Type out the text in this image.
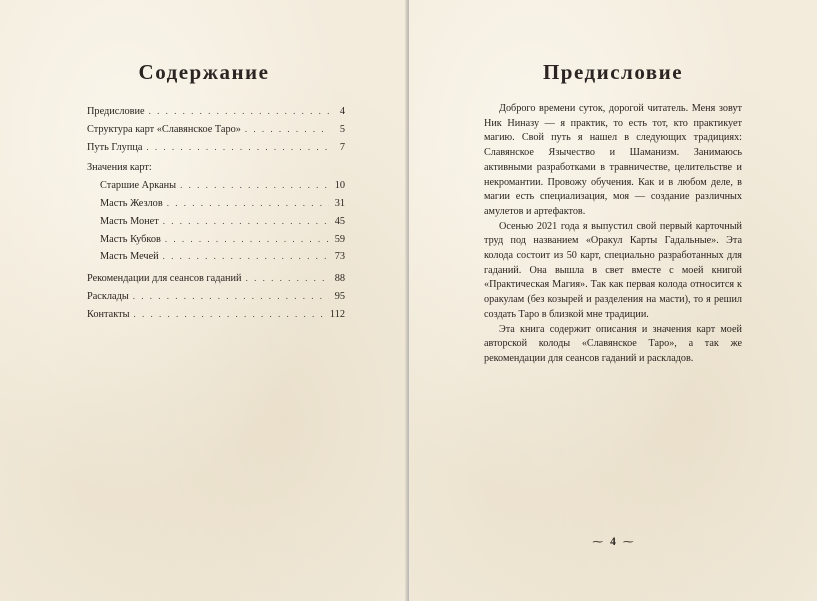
Содержание
Предисловие . . .	4
Структура карт «Славянское Таро» . . .	5
Путь Глупца . . .	7
Значения карт:
Старшие Арканы . . .	10
Масть Жезлов . . .	31
Масть Монет . . .	45
Масть Кубков . . .	59
Масть Мечей . . .	73
Рекомендации для сеансов гаданий . . .	88
Расклады . . .	95
Контакты . . .	112
Предисловие

Доброго времени суток, дорогой читатель. Меня зовут Ник Ниназу — я практик, то есть тот, кто практикует магию. Свой путь я нашел в следующих традициях: Славянское Язычество и Шаманизм. Занимаюсь активными разработками в травничестве, целительстве и некромантии. Провожу обучения. Как и в любом деле, в магии есть специализация, моя — создание различных амулетов и артефактов.

Осенью 2021 года я выпустил свой первый карточный труд под названием «Оракул Карты Гадальные». Эта колода состоит из 50 карт, специально разработанных для гаданий. Она вышла в свет вместе с моей книгой «Практическая Магия». Так как первая колода относится к оракулам (без козырей и разделения на масти), то я решил создать Таро в близкой мне традиции.

Эта книга содержит описания и значения карт моей авторской колоды «Славянское Таро», а так же рекомендации для сеансов гаданий и раскладов.

⁓ 4 ⁓
